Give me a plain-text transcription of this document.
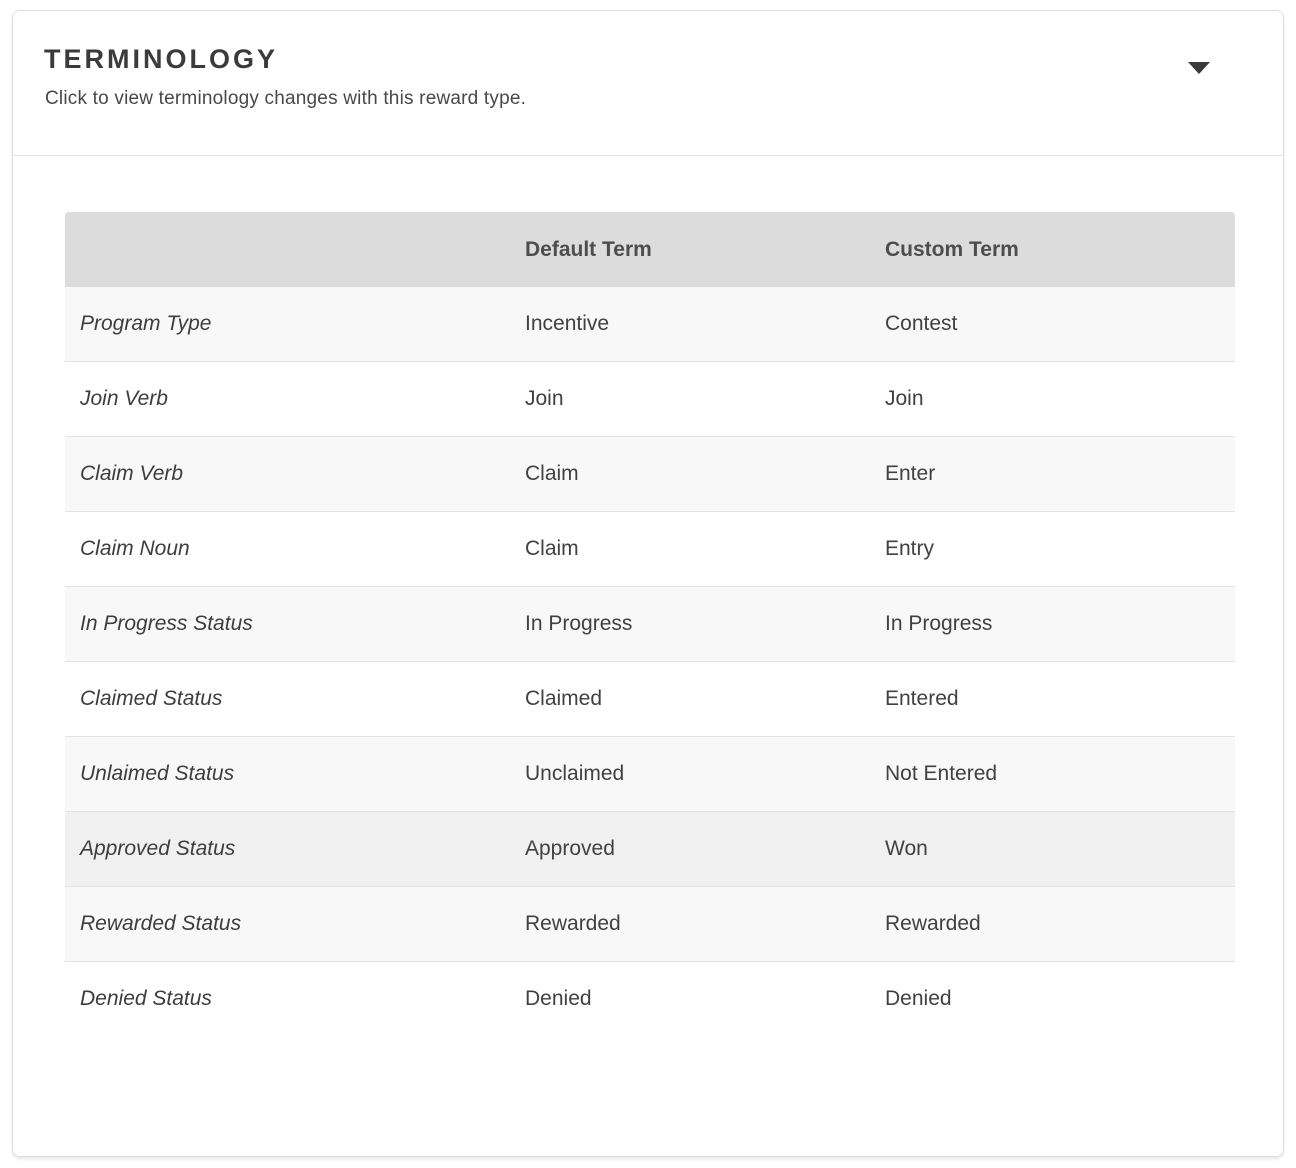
TERMINOLOGY

Click to view terminology changes with this reward type.

	Default Term	Custom Term
Program Type	Incentive	Contest
Join Verb	Join	Join
Claim Verb	Claim	Enter
Claim Noun	Claim	Entry
In Progress Status	In Progress	In Progress
Claimed Status	Claimed	Entered
Unlaimed Status	Unclaimed	Not Entered
Approved Status	Approved	Won
Rewarded Status	Rewarded	Rewarded
Denied Status	Denied	Denied
